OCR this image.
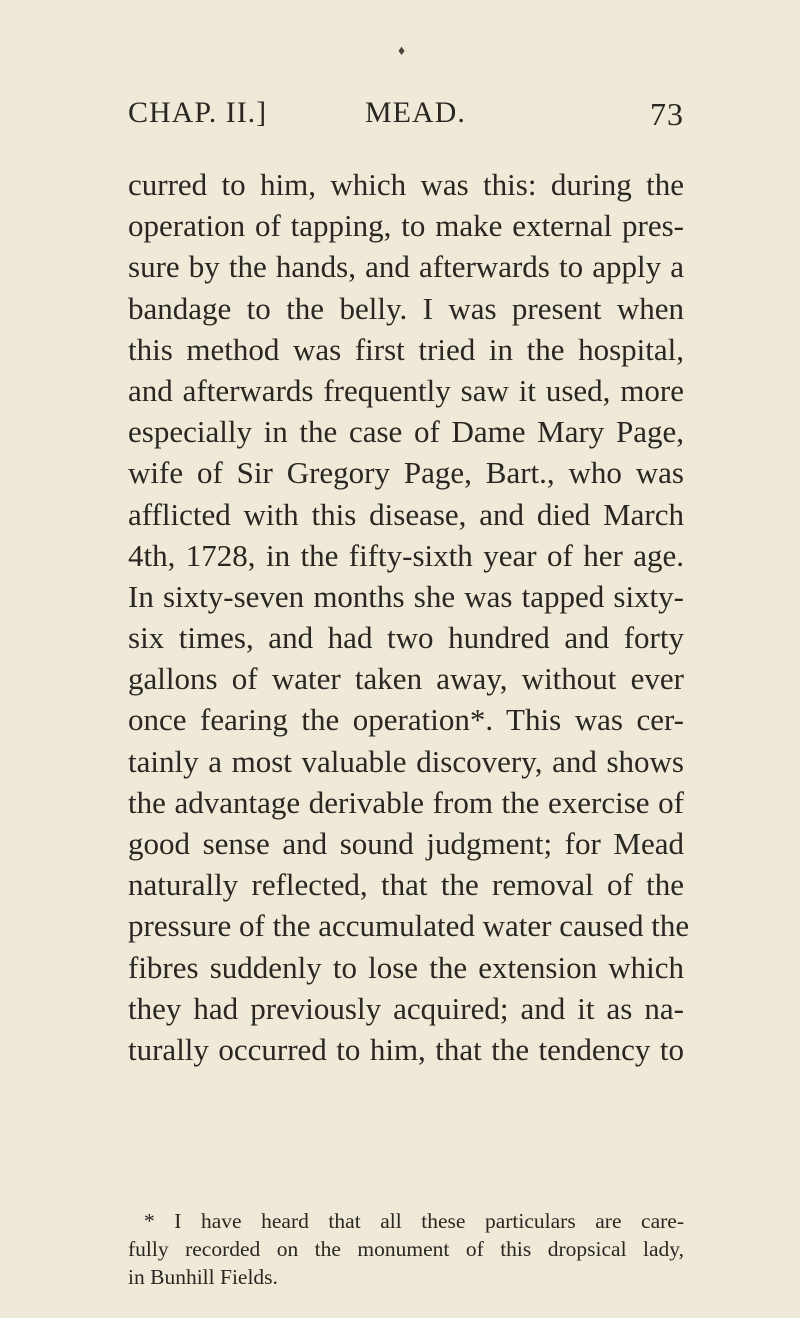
♦
CHAP. II.]	MEAD.	73
curred to him, which was this: during the
operation of tapping, to make external pres-
sure by the hands, and afterwards to apply a
bandage to the belly. I was present when
this method was first tried in the hospital,
and afterwards frequently saw it used, more
especially in the case of Dame Mary Page,
wife of Sir Gregory Page, Bart., who was
afflicted with this disease, and died March
4th, 1728, in the fifty-sixth year of her age.
In sixty-seven months she was tapped sixty-
six times, and had two hundred and forty
gallons of water taken away, without ever
once fearing the operation*. This was cer-
tainly a most valuable discovery, and shows
the advantage derivable from the exercise of
good sense and sound judgment; for Mead
naturally reflected, that the removal of the
pressure of the accumulated water caused the
fibres suddenly to lose the extension which
they had previously acquired; and it as na-
turally occurred to him, that the tendency to
* I have heard that all these particulars are care-
fully recorded on the monument of this dropsical lady,
in Bunhill Fields.
